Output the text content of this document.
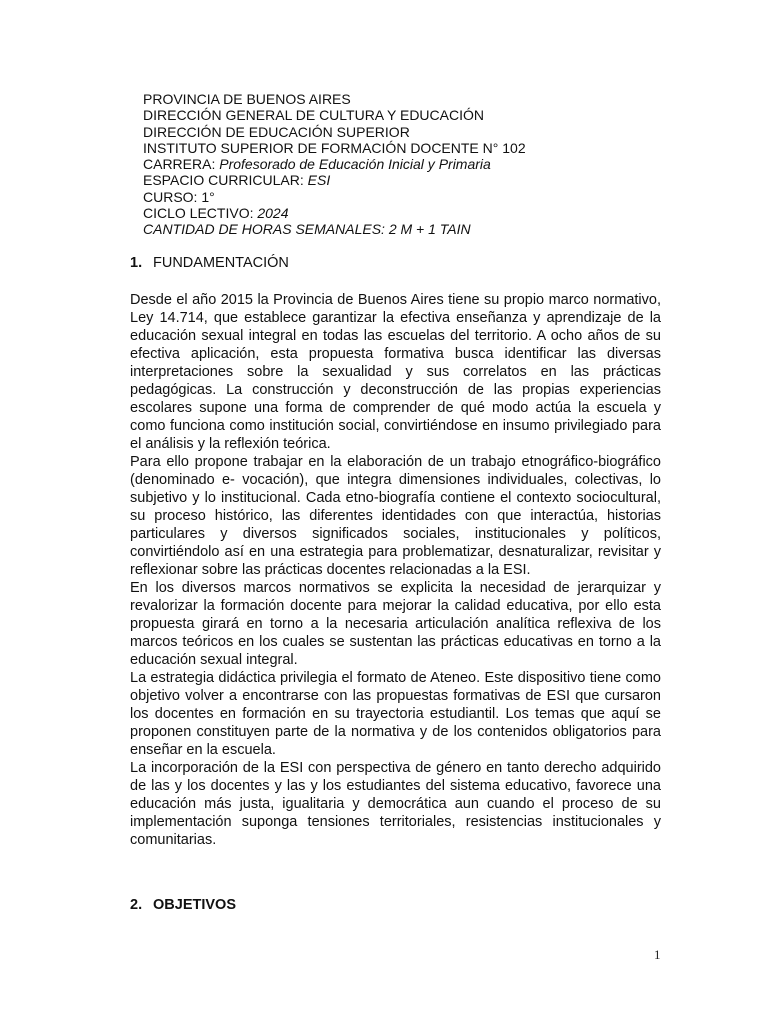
PROVINCIA DE BUENOS AIRES
DIRECCIÓN GENERAL DE CULTURA Y EDUCACIÓN
DIRECCIÓN DE EDUCACIÓN SUPERIOR
INSTITUTO SUPERIOR DE FORMACIÓN DOCENTE N° 102
CARRERA: Profesorado de Educación Inicial y Primaria
ESPACIO CURRICULAR: ESI
CURSO: 1°
CICLO LECTIVO: 2024
CANTIDAD DE HORAS SEMANALES: 2 M + 1 TAIN
1. FUNDAMENTACIÓN

Desde el año 2015 la Provincia de Buenos Aires tiene su propio marco normativo, Ley 14.714, que establece garantizar la efectiva enseñanza y aprendizaje de la educación sexual integral en todas las escuelas del territorio. A ocho años de su efectiva aplicación, esta propuesta formativa busca identificar las diversas interpretaciones sobre la sexualidad y sus correlatos en las prácticas pedagógicas. La construcción y deconstrucción de las propias experiencias escolares supone una forma de comprender de qué modo actúa la escuela y como funciona como institución social, convirtiéndose en insumo privilegiado para el análisis y la reflexión teórica.

Para ello propone trabajar en la elaboración de un trabajo etnográfico-biográfico (denominado e- vocación), que integra dimensiones individuales, colectivas, lo subjetivo y lo institucional. Cada etno-biografía contiene el contexto sociocultural, su proceso histórico, las diferentes identidades con que interactúa, historias particulares y diversos significados sociales, institucionales y políticos, convirtiéndolo así en una estrategia para problematizar, desnaturalizar, revisitar y reflexionar sobre las prácticas docentes relacionadas a la ESI.

En los diversos marcos normativos se explicita la necesidad de jerarquizar y revalorizar la formación docente para mejorar la calidad educativa, por ello esta propuesta girará en torno a la necesaria articulación analítica reflexiva de los marcos teóricos en los cuales se sustentan las prácticas educativas en torno a la educación sexual integral.

La estrategia didáctica privilegia el formato de Ateneo. Este dispositivo tiene como objetivo volver a encontrarse con las propuestas formativas de ESI que cursaron los docentes en formación en su trayectoria estudiantil. Los temas que aquí se proponen constituyen parte de la normativa y de los contenidos obligatorios para enseñar en la escuela.

La incorporación de la ESI con perspectiva de género en tanto derecho adquirido de las y los docentes y las y los estudiantes del sistema educativo, favorece una educación más justa, igualitaria y democrática aun cuando el proceso de su implementación suponga tensiones territoriales, resistencias institucionales y comunitarias.

2. OBJETIVOS
1
